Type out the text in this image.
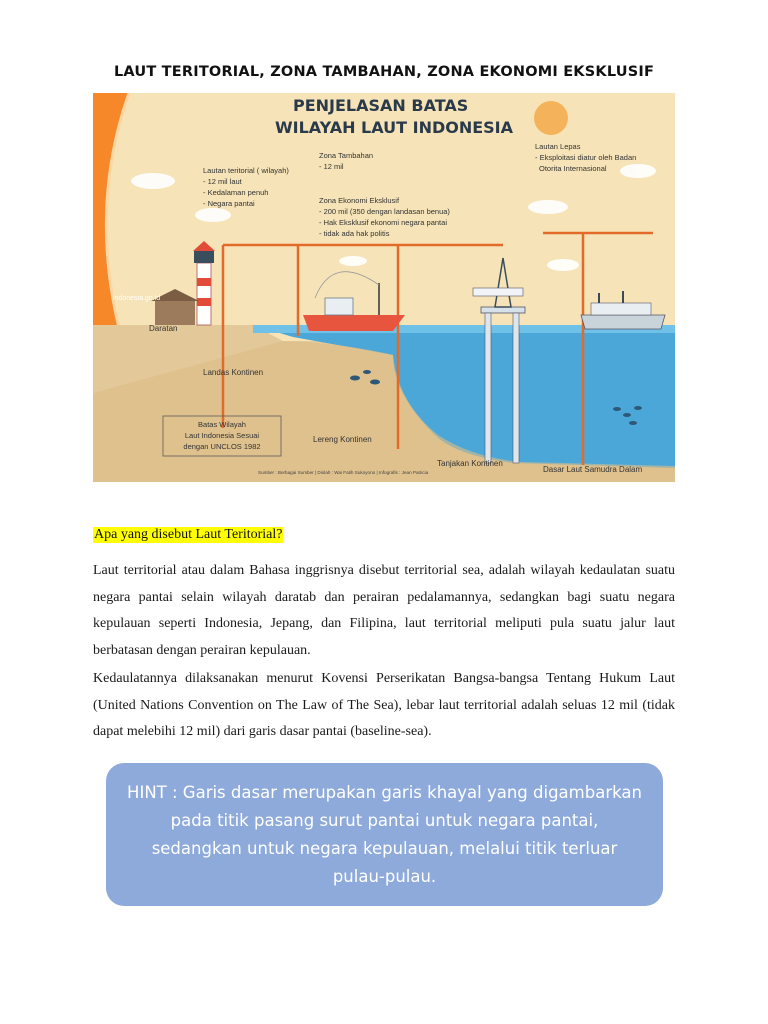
LAUT TERITORIAL, ZONA TAMBAHAN, ZONA EKONOMI EKSKLUSIF
PENJELASAN BATAS
WILAYAH LAUT INDONESIA
Lautan teritorial ( wilayah)
- 12 mil laut
- Kedalaman penuh
- Negara pantai
Zona Tambahan
- 12 mil
Zona Ekonomi Eksklusif
- 200 mil (350 dengan landasan benua)
- Hak Eksklusif ekonomi negara pantai
- tidak ada hak politis
Lautan Lepas
- Eksploitasi diatur oleh Badan
Otorita Internasional
indonesia.go.id
Daratan
Landas Kontinen
Lereng Kontinen
Tanjakan Kontinen
Dasar Laut Samudra Dalam
Batas Wilayah
Laut Indonesia Sesuai
dengan UNCLOS 1982
Sumber : Berbagai Sumber | Diolah : Wai Fatih Sukoyono | Infografis : Jean Patricia
Apa yang disebut Laut Teritorial?

Laut territorial atau dalam Bahasa inggrisnya disebut territorial sea, adalah wilayah kedaulatan suatu negara pantai selain wilayah daratab dan perairan pedalamannya, sedangkan bagi suatu negara kepulauan seperti Indonesia, Jepang, dan Filipina, laut territorial meliputi pula suatu jalur laut berbatasan dengan perairan kepulauan.

Kedaulatannya dilaksanakan menurut Kovensi Perserikatan Bangsa-bangsa Tentang Hukum Laut (United Nations Convention on The Law of The Sea), lebar laut territorial adalah seluas 12 mil (tidak dapat melebihi 12 mil) dari garis dasar pantai (baseline-sea).

HINT : Garis dasar merupakan garis khayal yang digambarkan pada titik pasang surut pantai untuk negara pantai, sedangkan untuk negara kepulauan, melalui titik terluar pulau-pulau.
